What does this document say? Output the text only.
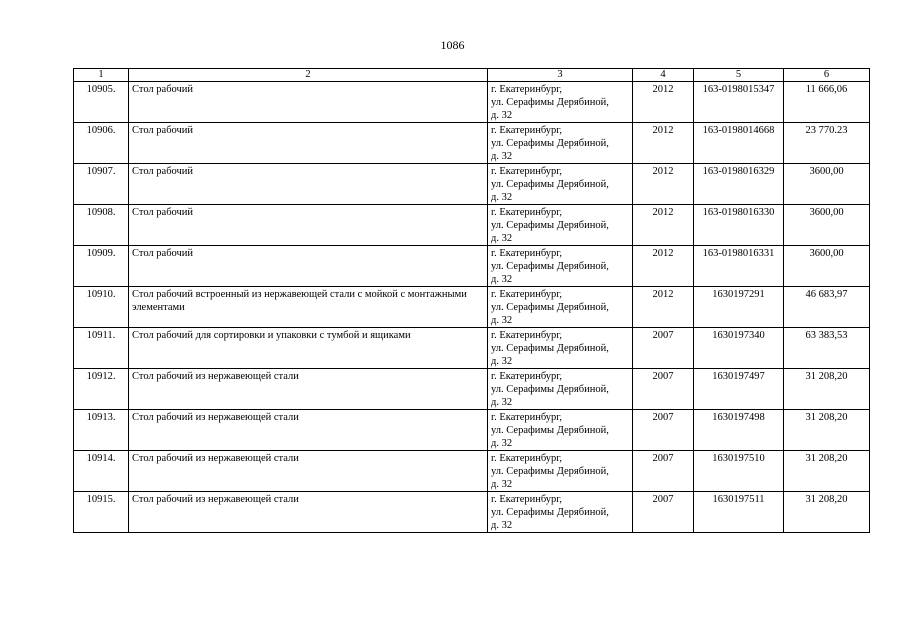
1086
1	2	3	4	5	6
10905.	Стол рабочий	г. Екатеринбург,
ул. Серафимы Дерябиной,
д. 32	2012	163-0198015347	11 666,06
10906.	Стол рабочий	г. Екатеринбург,
ул. Серафимы Дерябиной,
д. 32	2012	163-0198014668	23 770.23
10907.	Стол рабочий	г. Екатеринбург,
ул. Серафимы Дерябиной,
д. 32	2012	163-0198016329	3600,00
10908.	Стол рабочий	г. Екатеринбург,
ул. Серафимы Дерябиной,
д. 32	2012	163-0198016330	3600,00
10909.	Стол рабочий	г. Екатеринбург,
ул. Серафимы Дерябиной,
д. 32	2012	163-0198016331	3600,00
10910.	Стол рабочий встроенный из нержавеющей стали с мойкой с монтажными элементами	г. Екатеринбург,
ул. Серафимы Дерябиной,
д. 32	2012	1630197291	46 683,97
10911.	Стол рабочий для сортировки и упаковки с тумбой и ящиками	г. Екатеринбург,
ул. Серафимы Дерябиной,
д. 32	2007	1630197340	63 383,53
10912.	Стол рабочий из нержавеющей стали	г. Екатеринбург,
ул. Серафимы Дерябиной,
д. 32	2007	1630197497	31 208,20
10913.	Стол рабочий из нержавеющей стали	г. Екатеринбург,
ул. Серафимы Дерябиной,
д. 32	2007	1630197498	31 208,20
10914.	Стол рабочий из нержавеющей стали	г. Екатеринбург,
ул. Серафимы Дерябиной,
д. 32	2007	1630197510	31 208,20
10915.	Стол рабочий из нержавеющей стали	г. Екатеринбург,
ул. Серафимы Дерябиной,
д. 32	2007	1630197511	31 208,20
